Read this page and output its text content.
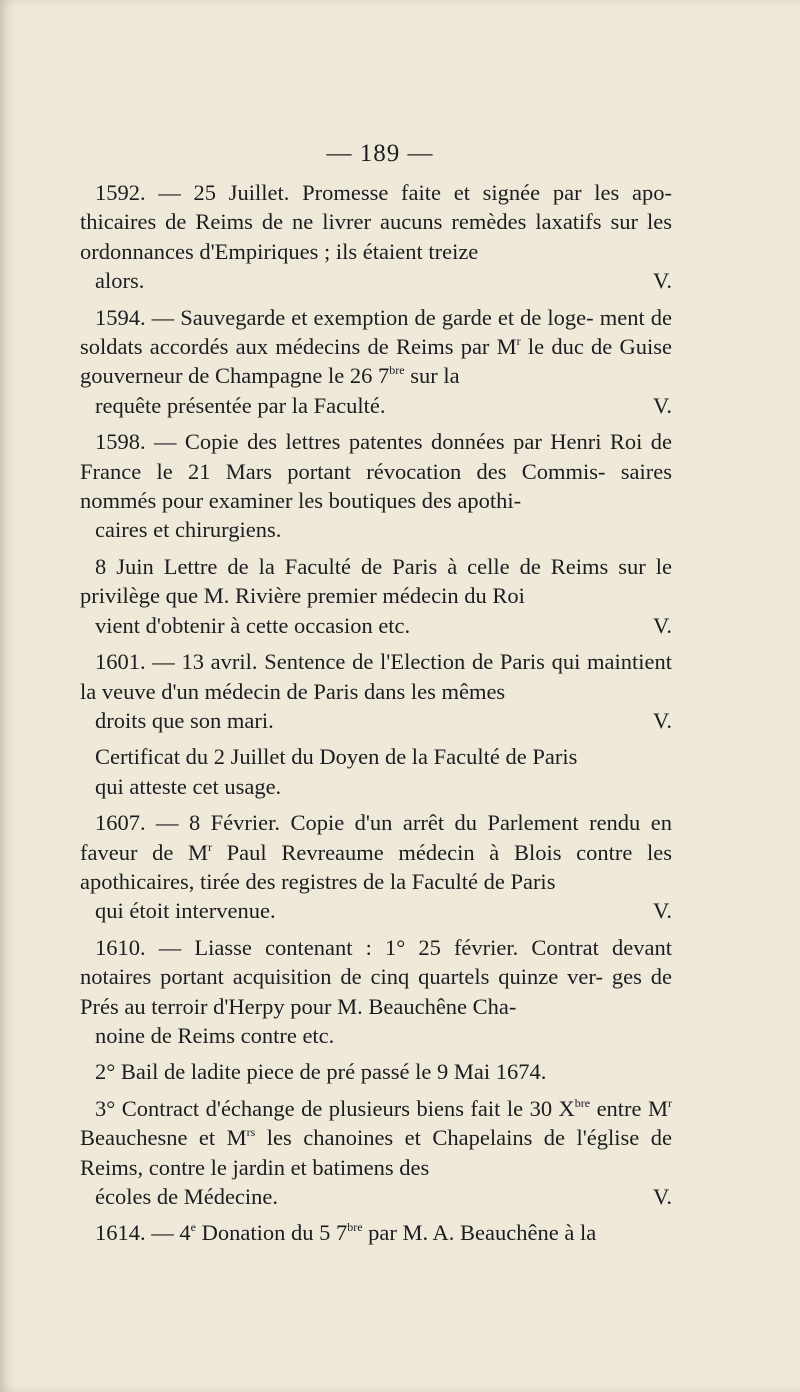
— 189 —

1592. — 25 Juillet. Promesse faite et signée par les apo- thicaires de Reims de ne livrer aucuns remèdes laxatifs sur les ordonnances d'Empiriques ; ils étaient treize
alors.	V.

1594. — Sauvegarde et exemption de garde et de loge- ment de soldats accordés aux médecins de Reims par $M^r$ le duc de Guise gouverneur de Champagne le 26 $7^{bre}$ sur la
requête présentée par la Faculté.	V.

1598. — Copie des lettres patentes données par Henri Roi de France le 21 Mars portant révocation des Commis- saires nommés pour examiner les boutiques des apothi-
caires et chirurgiens.

8 Juin Lettre de la Faculté de Paris à celle de Reims sur le privilège que M. Rivière premier médecin du Roi
vient d'obtenir à cette occasion etc.	V.

1601. — 13 avril. Sentence de l'Election de Paris qui maintient la veuve d'un médecin de Paris dans les mêmes
droits que son mari.	V.

Certificat du 2 Juillet du Doyen de la Faculté de Paris
qui atteste cet usage.

1607. — 8 Février. Copie d'un arrêt du Parlement rendu en faveur de $M^r$ Paul Revreaume médecin à Blois contre les apothicaires, tirée des registres de la Faculté de Paris
qui étoit intervenue.	V.

1610. — Liasse contenant : 1° 25 février. Contrat devant notaires portant acquisition de cinq quartels quinze ver- ges de Prés au terroir d'Herpy pour M. Beauchêne Cha-
noine de Reims contre etc.

2° Bail de ladite piece de pré passé le 9 Mai 1674.

3° Contract d'échange de plusieurs biens fait le 30 $X^{bre}$ entre $M^r$ Beauchesne et $M^{rs}$ les chanoines et Chapelains de l'église de Reims, contre le jardin et batimens des
écoles de Médecine.	V.

1614. — 4e Donation du 5 $7^{bre}$ par M. A. Beauchêne à la
